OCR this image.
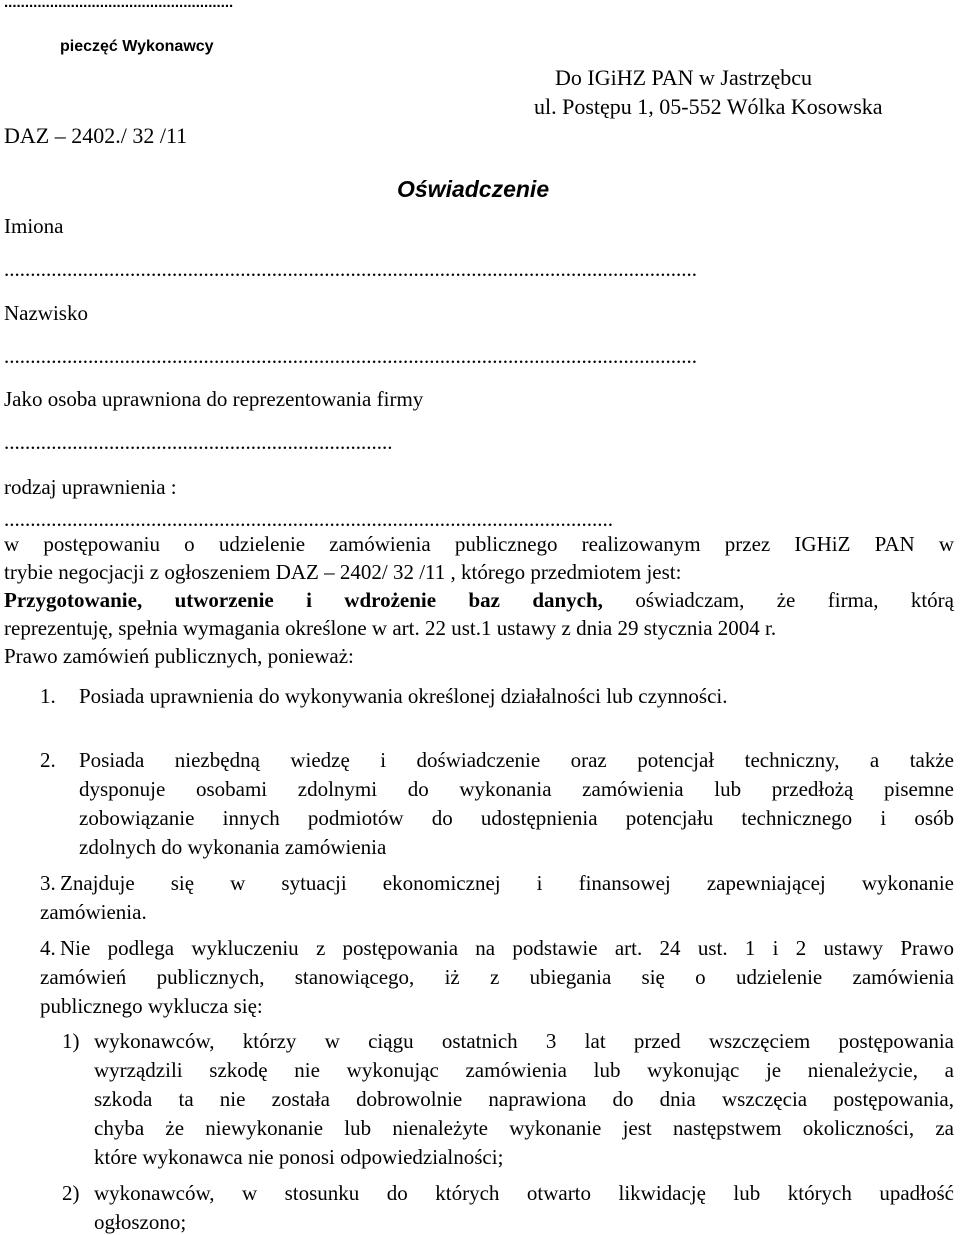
.......................................................
pieczęć Wykonawcy
DAZ – 2402./ 32 /11
Do IGiHZ PAN w Jastrzębcu
ul. Postępu 1, 05-552 Wólka Kosowska
Oświadczenie
Imiona
....................................................................................................................................
Nazwisko
....................................................................................................................................
Jako osoba uprawniona do reprezentowania firmy
..........................................................................
rodzaj uprawnienia :
....................................................................................................................
w postępowaniu o udzielenie zamówienia publicznego realizowanym przez IGHiZ PAN w
trybie negocjacji z ogłoszeniem DAZ – 2402/ 32 /11 , którego przedmiotem jest:
Przygotowanie, utworzenie i wdrożenie baz danych, oświadczam, że firma, którą
reprezentuję, spełnia wymagania określone w art. 22 ust.1 ustawy z dnia 29 stycznia 2004 r.
Prawo zamówień publicznych, ponieważ:
1. Posiada uprawnienia do wykonywania określonej działalności lub czynności.
2. Posiada niezbędną wiedzę i doświadczenie oraz potencjał techniczny, a także
dysponuje osobami zdolnymi do wykonania zamówienia lub przedłożą pisemne
zobowiązanie innych podmiotów do udostępnienia potencjału technicznego i osób
zdolnych do wykonania zamówienia
3. Znajduje się w sytuacji ekonomicznej i finansowej zapewniającej wykonanie
zamówienia.
4. Nie podlega wykluczeniu z postępowania na podstawie art. 24 ust. 1 i 2 ustawy Prawo
zamówień publicznych, stanowiącego, iż z ubiegania się o udzielenie zamówienia
publicznego wyklucza się:
1) wykonawców, którzy w ciągu ostatnich 3 lat przed wszczęciem postępowania
wyrządzili szkodę nie wykonując zamówienia lub wykonując je nienależycie, a
szkoda ta nie została dobrowolnie naprawiona do dnia wszczęcia postępowania,
chyba że niewykonanie lub nienależyte wykonanie jest następstwem okoliczności, za
które wykonawca nie ponosi odpowiedzialności;
2) wykonawców, w stosunku do których otwarto likwidację lub których upadłość
ogłoszono;
